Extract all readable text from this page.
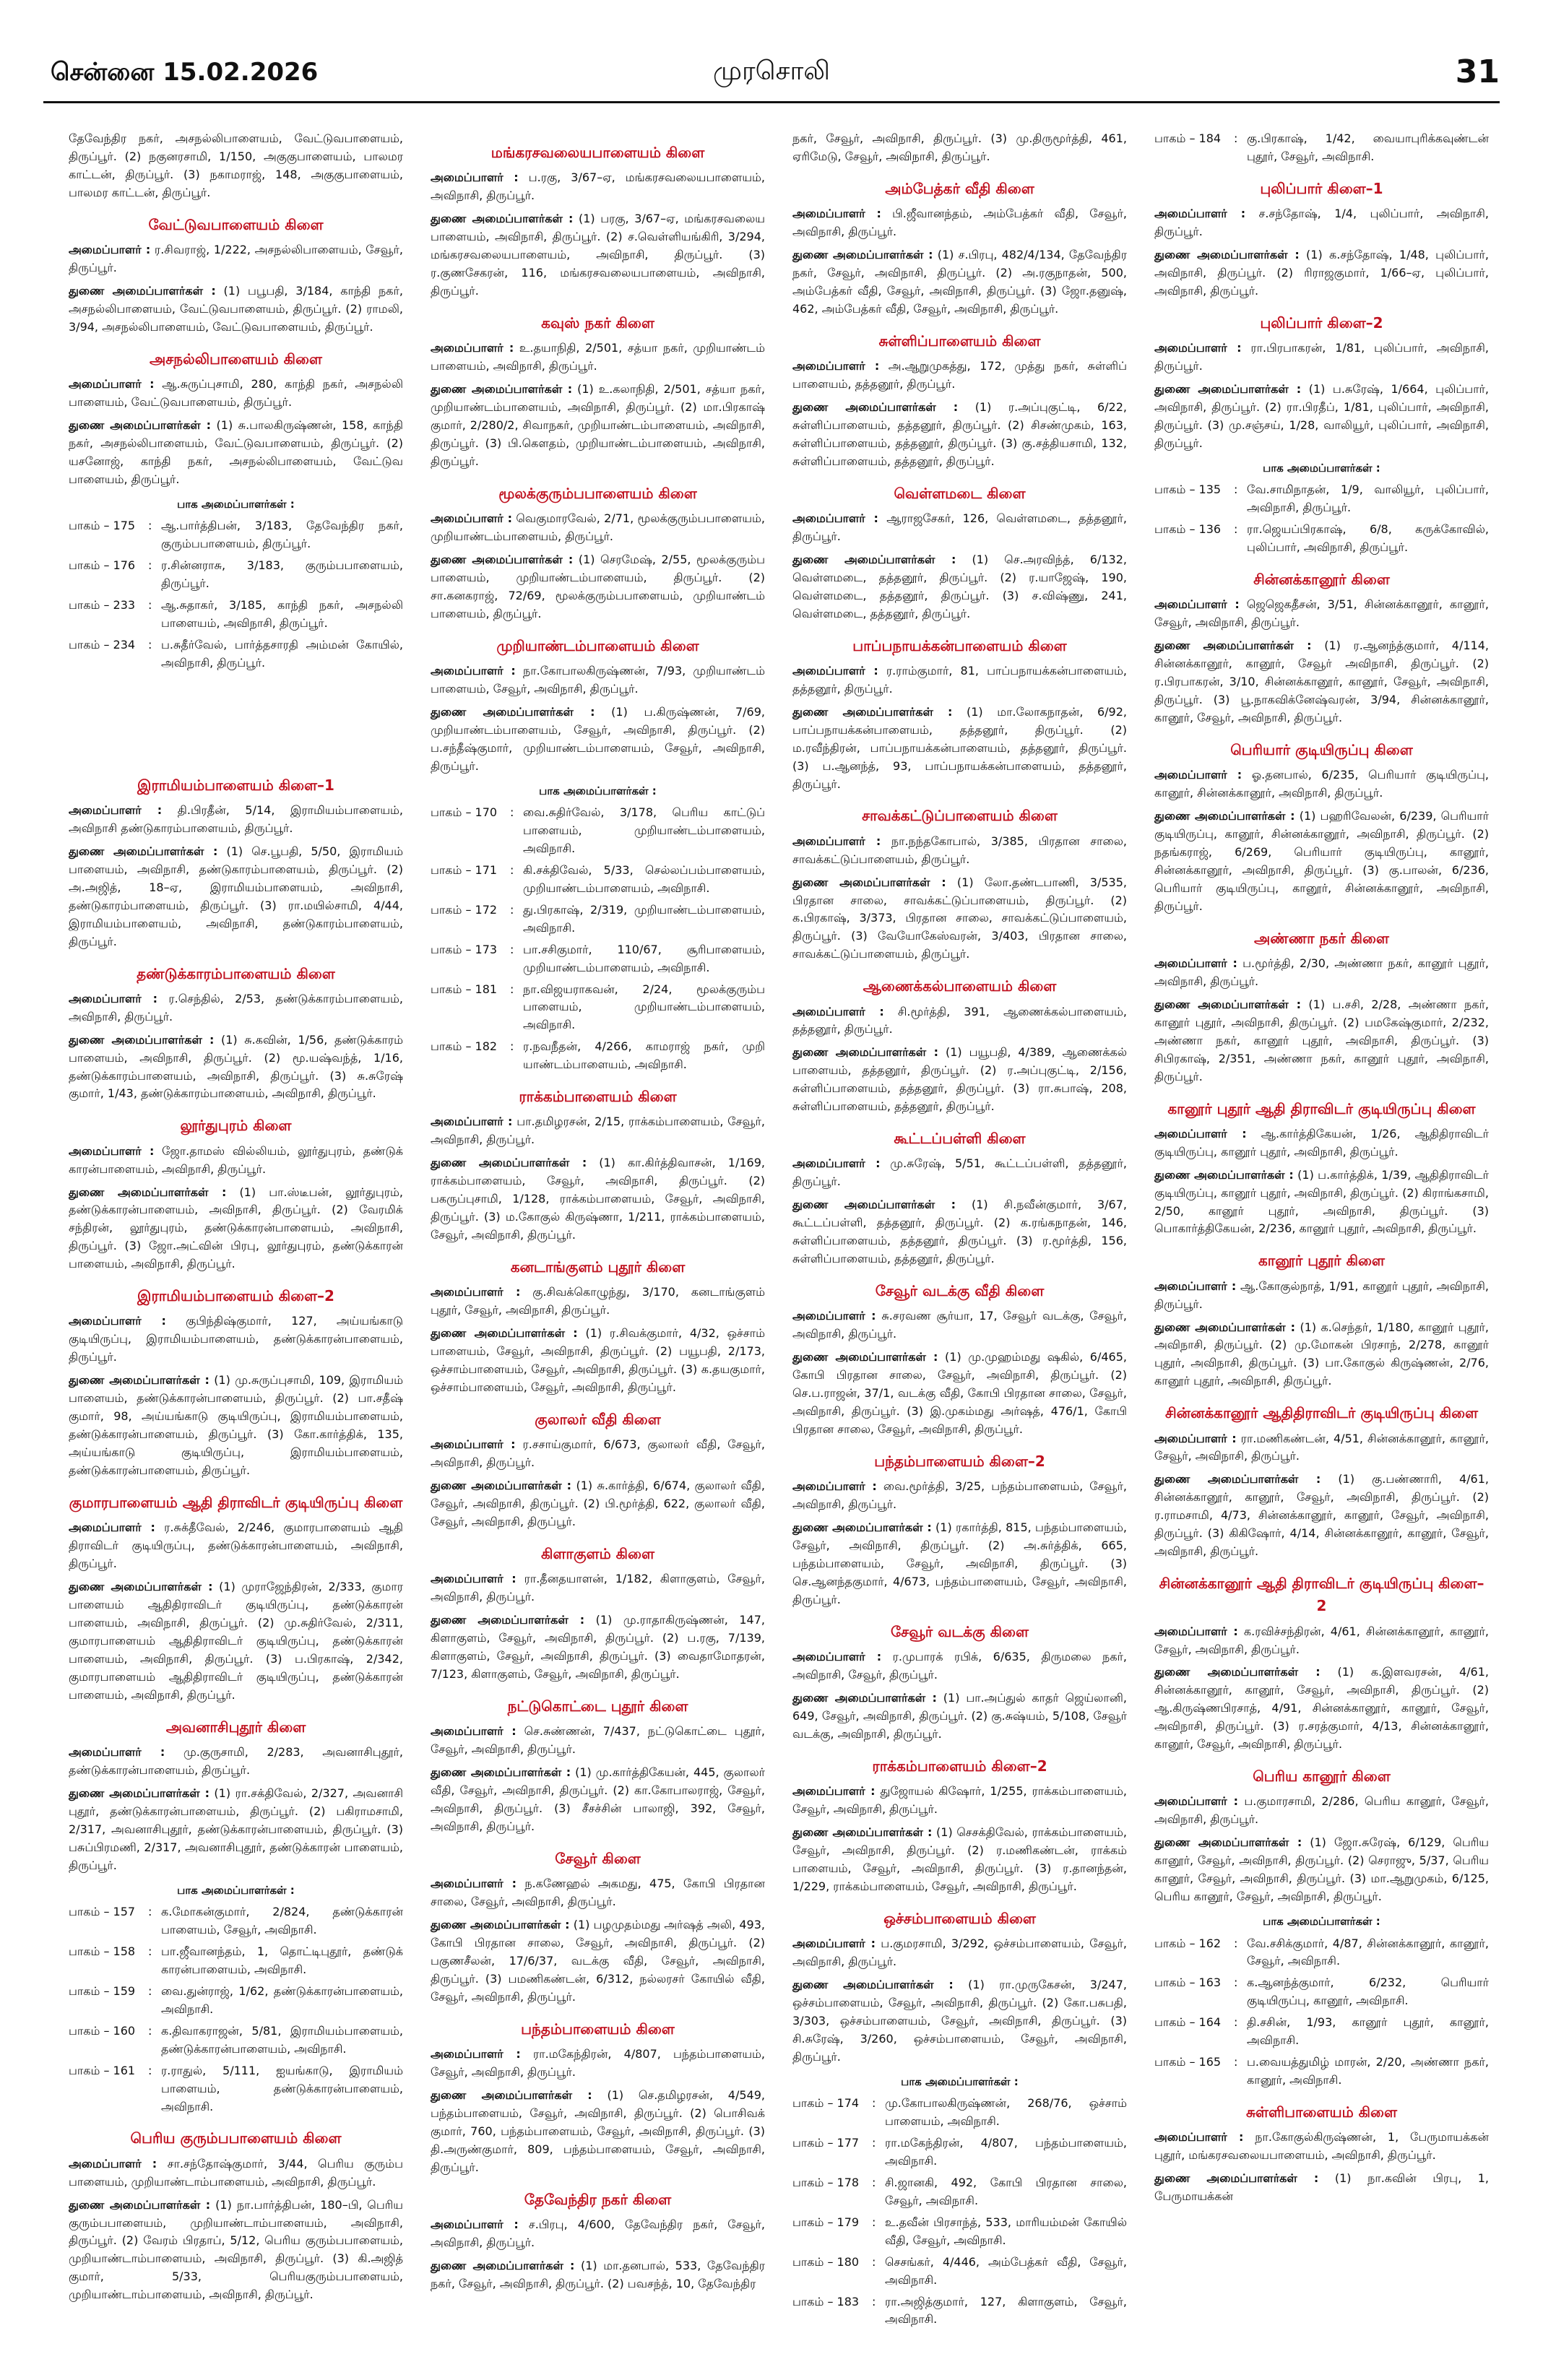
சென்னை 15.02.2026	முரசொலி	31

தேவேந்திர நகர், அசநல்லிபாளையம், வேட்டுவபாளையம், திருப்பூர். (2) நகுனரசாமி, 1/150, அகுகுபாளையம், பாலமர காட்டன், திருப்பூர். (3) நகாமராஜ், 148, அகுகுபாளையம், பாலமர காட்டன், திருப்பூர்.

வேட்டுவபாளையம் கிளை

அமைப்பாளர் : ர.சிவராஜ், 1/222, அசநல்லிபாளையம், சேவூர், திருப்பூர்.

துணை அமைப்பாளர்கள் : (1) பபூபதி, 3/184, காந்தி நகர், அசநல்லிபாளையம், வேட்டுவபாளையம், திருப்பூர். (2) ராமலி, 3/94, அசநல்லிபாளையம், வேட்டுவபாளையம், திருப்பூர்.

அசநல்லிபாளையம் கிளை

அமைப்பாளர் : ஆ.சுருப்புசாமி, 280, காந்தி நகர், அசநல்லி பாளையம், வேட்டுவபாளையம், திருப்பூர்.

துணை அமைப்பாளர்கள் : (1) சு.பாலகிருஷ்ணன், 158, காந்தி நகர், அசநல்லிபாளையம், வேட்டுவபாளையம், திருப்பூர். (2) யசனோஜ், காந்தி நகர், அசநல்லிபாளையம், வேட்டுவ பாளையம், திருப்பூர்.

பாக அமைப்பாளர்கள் :
பாகம் – 175	: ஆ.பார்த்திபன், 3/183, தேவேந்திர நகர், குரும்பபாளையம், திருப்பூர்.
பாகம் – 176	: ர.சின்னராசு, 3/183, குரும்பபாளையம், திருப்பூர்.
பாகம் – 233	: ஆ.சுதாகர், 3/185, காந்தி நகர், அசநல்லி பாளையம், அவிநாசி, திருப்பூர்.
பாகம் – 234	: ப.சுதீர்வேல், பார்த்தசாரதி அம்மன் கோயில், அவிநாசி, திருப்பூர்.
இராமியம்பாளையம் கிளை–1

அமைப்பாளர் : தி.பிரதீன், 5/14, இராமியம்பாளையம், அவிநாசி தண்டுகாரம்பாளையம், திருப்பூர்.

துணை அமைப்பாளர்கள் : (1) செ.பூபதி, 5/50, இராமியம் பாளையம், அவிநாசி, தண்டுகாரம்பாளையம், திருப்பூர். (2) அ.அஜித், 18–ஏ, இராமியம்பாளையம், அவிநாசி, தண்டுகாரம்பாளையம், திருப்பூர். (3) ரா.மயில்சாமி, 4/44, இராமியம்பாளையம், அவிநாசி, தண்டுகாரம்பாளையம், திருப்பூர்.

தண்டுக்காரம்பாளையம் கிளை

அமைப்பாளர் : ர.செந்தில், 2/53, தண்டுக்காரம்பாளையம், அவிநாசி, திருப்பூர்.

துணை அமைப்பாளர்கள் : (1) சு.கவின், 1/56, தண்டுக்காரம் பாளையம், அவிநாசி, திருப்பூர். (2) மூ.யஷ்வந்த், 1/16, தண்டுக்காரம்பாளையம், அவிநாசி, திருப்பூர். (3) சு.சுரேஷ் குமார், 1/43, தண்டுக்காரம்பாளையம், அவிநாசி, திருப்பூர்.

லூர்துபுரம் கிளை

அமைப்பாளர் : ஜோ.தாமஸ் வில்லியம், லூர்துபுரம், தண்டுக் காரன்பாளையம், அவிநாசி, திருப்பூர்.

துணை அமைப்பாளர்கள் : (1) பா.ஸ்டீபன், லூர்துபுரம், தண்டுக்காரன்பாளையம், அவிநாசி, திருப்பூர். (2) வேரமிக் சந்திரன், லூர்துபுரம், தண்டுக்காரன்பாளையம், அவிநாசி, திருப்பூர். (3) ஜோ.அட்வின் பிரபு, லூர்துபுரம், தண்டுக்காரன் பாளையம், அவிநாசி, திருப்பூர்.

இராமியம்பாளையம் கிளை–2

அமைப்பாளர் : குபிந்திஷ்குமார், 127, அய்யங்காடு குடியிருப்பு, இராமியம்பாளையம், தண்டுக்காரன்பாளையம், திருப்பூர்.

துணை அமைப்பாளர்கள் : (1) மு.சுருப்புசாமி, 109, இராமியம் பாளையம், தண்டுக்காரன்பாளையம், திருப்பூர். (2) பா.சதீஷ் குமார், 98, அய்யங்காடு குடியிருப்பு, இராமியம்பாளையம், தண்டுக்காரன்பாளையம், திருப்பூர். (3) கோ.கார்த்திக், 135, அய்யங்காடு குடியிருப்பு, இராமியம்பாளையம், தண்டுக்காரன்பாளையம், திருப்பூர்.

குமாரபாளையம் ஆதி திராவிடர் குடியிருப்பு கிளை

அமைப்பாளர் : ர.சுக்தீவேல், 2/246, குமாரபாளையம் ஆதி திராவிடர் குடியிருப்பு, தண்டுக்காரன்பாளையம், அவிநாசி, திருப்பூர்.

துணை அமைப்பாளர்கள் : (1) முராஜேந்திரன், 2/333, குமார பாளையம் ஆதிதிராவிடர் குடியிருப்பு, தண்டுக்காரன் பாளையம், அவிநாசி, திருப்பூர். (2) மு.சுதிர்வேல், 2/311, குமாரபாளையம் ஆதிதிராவிடர் குடியிருப்பு, தண்டுக்காரன் பாளையம், அவிநாசி, திருப்பூர். (3) ப.பிரகாஷ், 2/342, குமாரபாளையம் ஆதிதிராவிடர் குடியிருப்பு, தண்டுக்காரன் பாளையம், அவிநாசி, திருப்பூர்.

அவனாசிபுதூர் கிளை

அமைப்பாளர் : மு.குருசாமி, 2/283, அவனாசிபுதூர், தண்டுக்காரன்பாளையம், திருப்பூர்.

துணை அமைப்பாளர்கள் : (1) ரா.சக்திவேல், 2/327, அவனாசி புதூர், தண்டுக்காரன்பாளையம், திருப்பூர். (2) பகிராமசாமி, 2/317, அவனாசிபுதூர், தண்டுக்காரன்பாளையம், திருப்பூர். (3) பசுப்பிரமணி, 2/317, அவனாசிபுதூர், தண்டுக்காரன் பாளையம், திருப்பூர்.

பாக அமைப்பாளர்கள் :
பாகம் – 157	: க.மோகன்குமார், 2/824, தண்டுக்காரன் பாளையம், சேவூர், அவிநாசி.
பாகம் – 158	: பா.ஜீவானந்தம், 1, தொட்டிபுதூர், தண்டுக் காரன்பாளையம், அவிநாசி.
பாகம் – 159	: வை.துன்ராஜ், 1/62, தண்டுக்காரன்பாளையம், அவிநாசி.
பாகம் – 160	: க.திவாகராஜன், 5/81, இராமியம்பாளையம், தண்டுக்காரன்பாளையம், அவிநாசி.
பாகம் – 161	: ர.ராதுல், 5/111, ஐயங்காடு, இராமியம் பாளையம், தண்டுக்காரன்பாளையம், அவிநாசி.
பெரிய குரும்பபாளையம் கிளை

அமைப்பாளர் : சா.சந்தோஷ்குமார், 3/44, பெரிய குரும்ப பாளையம், முறியாண்டாம்பாளையம், அவிநாசி, திருப்பூர்.

துணை அமைப்பாளர்கள் : (1) நா.பார்த்திபன், 180–பி, பெரிய குரும்பபாளையம், முறியாண்டாம்பாளையம், அவிநாசி, திருப்பூர். (2) வேரம் பிரதாப், 5/12, பெரிய குரும்பபாளையம், முறியாண்டாம்பாளையம், அவிநாசி, திருப்பூர். (3) கி.அஜித் குமார், 5/33, பெரியகுரும்பபாளையம், முறியாண்டாம்பாளையம், அவிநாசி, திருப்பூர்.

மங்கரசவலையபாளையம் கிளை

அமைப்பாளர் : ப.ரகு, 3/67–ஏ, மங்கரசவலையபாளையம், அவிநாசி, திருப்பூர்.

துணை அமைப்பாளர்கள் : (1) பரகு, 3/67–ஏ, மங்கரசவலைய பாளையம், அவிநாசி, திருப்பூர். (2) ச.வெள்ளியங்கிரி, 3/294, மங்கரசவலையபாளையம், அவிநாசி, திருப்பூர். (3) ர.குணசேகரன், 116, மங்கரசவலையபாளையம், அவிநாசி, திருப்பூர்.

கவுஸ் நகர் கிளை

அமைப்பாளர் : உ.தயாநிதி, 2/501, சத்யா நகர், முறியாண்டம் பாளையம், அவிநாசி, திருப்பூர்.

துணை அமைப்பாளர்கள் : (1) உ.கலாநிதி, 2/501, சத்யா நகர், முறியாண்டம்பாளையம், அவிநாசி, திருப்பூர். (2) மா.பிரகாஷ் குமார், 2/280/2, சிவாநகர், முறியாண்டம்பாளையம், அவிநாசி, திருப்பூர். (3) பி.கௌதம், முறியாண்டம்பாளையம், அவிநாசி, திருப்பூர்.

மூலக்குரும்பபாளையம் கிளை

அமைப்பாளர் : வெகுமாரவேல், 2/71, மூலக்குரும்பபாளையம், முறியாண்டம்பாளையம், திருப்பூர்.

துணை அமைப்பாளர்கள் : (1) செரமேஷ், 2/55, மூலக்குரும்ப பாளையம், முறியாண்டம்பாளையம், திருப்பூர். (2) சா.கனகராஜ், 72/69, மூலக்குரும்பபாளையம், முறியாண்டம் பாளையம், திருப்பூர்.

முறியாண்டம்பாளையம் கிளை

அமைப்பாளர் : நா.கோபாலகிருஷ்ணன், 7/93, முறியாண்டம் பாளையம், சேவூர், அவிநாசி, திருப்பூர்.

துணை அமைப்பாளர்கள் : (1) ப.கிருஷ்ணன், 7/69, முறியாண்டம்பாளையம், சேவூர், அவிநாசி, திருப்பூர். (2) ப.சந்தீஷ்குமார், முறியாண்டம்பாளையம், சேவூர், அவிநாசி, திருப்பூர்.

பாக அமைப்பாளர்கள் :
பாகம் – 170	: வை.சுதிர்வேல், 3/178, பெரிய காட்டுப் பாளையம், முறியாண்டம்பாளையம், அவிநாசி.
பாகம் – 171	: கி.சக்திவேல், 5/33, செல்லப்பம்பாளையம், முறியாண்டம்பாளையம், அவிநாசி.
பாகம் – 172	: து.பிரகாஷ், 2/319, முறியாண்டம்பாளையம், அவிநாசி.
பாகம் – 173	: பா.சசிகுமார், 110/67, சூரிபாளையம், முறியாண்டம்பாளையம், அவிநாசி.
பாகம் – 181	: நா.விஜயராகவன், 2/24, மூலக்குரும்ப பாளையம், முறியாண்டம்பாளையம், அவிநாசி.
பாகம் – 182	: ர.நவநீதன், 4/266, காமராஜ் நகர், முறி யாண்டம்பாளையம், அவிநாசி.
ராக்கம்பாளையம் கிளை

அமைப்பாளர் : பா.தமிழரசன், 2/15, ராக்கம்பாளையம், சேவூர், அவிநாசி, திருப்பூர்.

துணை அமைப்பாளர்கள் : (1) கா.கிர்த்திவாசன், 1/169, ராக்கம்பாளையம், சேவூர், அவிநாசி, திருப்பூர். (2) பகருப்புசாமி, 1/128, ராக்கம்பாளையம், சேவூர், அவிநாசி, திருப்பூர். (3) ம.கோகுல் கிருஷ்ணா, 1/211, ராக்கம்பாளையம், சேவூர், அவிநாசி, திருப்பூர்.

கனடாங்குளம் புதூர் கிளை

அமைப்பாளர் : கு.சிவக்கொழுந்து, 3/170, கனடாங்குளம் புதூர், சேவூர், அவிநாசி, திருப்பூர்.

துணை அமைப்பாளர்கள் : (1) ர.சிவக்குமார், 4/32, ஒச்சாம் பாளையம், சேவூர், அவிநாசி, திருப்பூர். (2) பயூபதி, 2/173, ஒச்சாம்பாளையம், சேவூர், அவிநாசி, திருப்பூர். (3) க.தயகுமார், ஒச்சாம்பாளையம், சேவூர், அவிநாசி, திருப்பூர்.

குலாலர் வீதி கிளை

அமைப்பாளர் : ர.சசாய்குமார், 6/673, குலாலர் வீதி, சேவூர், அவிநாசி, திருப்பூர்.

துணை அமைப்பாளர்கள் : (1) சு.கார்த்தி, 6/674, குலாலர் வீதி, சேவூர், அவிநாசி, திருப்பூர். (2) பி.மூர்த்தி, 622, குலாலர் வீதி, சேவூர், அவிநாசி, திருப்பூர்.

கிளாகுளம் கிளை

அமைப்பாளர் : ரா.தீனதயாளன், 1/182, கிளாகுளம், சேவூர், அவிநாசி, திருப்பூர்.

துணை அமைப்பாளர்கள் : (1) மு.ராதாகிருஷ்ணன், 147, கிளாகுளம், சேவூர், அவிநாசி, திருப்பூர். (2) ப.ரகு, 7/139, கிளாகுளம், சேவூர், அவிநாசி, திருப்பூர். (3) வைதாமோதரன், 7/123, கிளாகுளம், சேவூர், அவிநாசி, திருப்பூர்.

நட்டுகொட்டை புதூர் கிளை

அமைப்பாளர் : செ.சுண்ணன், 7/437, நட்டுகொட்டை புதூர், சேவூர், அவிநாசி, திருப்பூர்.

துணை அமைப்பாளர்கள் : (1) மு.கார்த்திகேயன், 445, குலாலர் வீதி, சேவூர், அவிநாசி, திருப்பூர். (2) கா.கோபாலராஜ், சேவூர், அவிநாசி, திருப்பூர். (3) சீசச்சின் பாலாஜி, 392, சேவூர், அவிநாசி, திருப்பூர்.

சேவூர் கிளை

அமைப்பாளர் : ந.கணேஹல் அகமது, 475, கோபி பிரதான சாலை, சேவூர், அவிநாசி, திருப்பூர்.

துணை அமைப்பாளர்கள் : (1) பழமுதம்மது அர்ஷத் அலி, 493, கோபி பிரதான சாலை, சேவூர், அவிநாசி, திருப்பூர். (2) பகுணசீலன், 17/6/37, வடக்கு வீதி, சேவூர், அவிநாசி, திருப்பூர். (3) பமணிகண்டன், 6/312, நல்லரசர் கோயில் வீதி, சேவூர், அவிநாசி, திருப்பூர்.

பந்தம்பாளையம் கிளை

அமைப்பாளர் : ரா.மகேந்திரன், 4/807, பந்தம்பாளையம், சேவூர், அவிநாசி, திருப்பூர்.

துணை அமைப்பாளர்கள் : (1) செ.தமிழரசன், 4/549, பந்தம்பாளையம், சேவூர், அவிநாசி, திருப்பூர். (2) பொசிவக் குமார், 760, பந்தம்பாளையம், சேவூர், அவிநாசி, திருப்பூர். (3) தி.அருண்குமார், 809, பந்தம்பாளையம், சேவூர், அவிநாசி, திருப்பூர்.

தேவேந்திர நகர் கிளை

அமைப்பாளர் : ச.பிரபு, 4/600, தேவேந்திர நகர், சேவூர், அவிநாசி, திருப்பூர்.

துணை அமைப்பாளர்கள் : (1) மா.தனபால், 533, தேவேந்திர நகர், சேவூர், அவிநாசி, திருப்பூர். (2) பவசந்த், 10, தேவேந்திர

நகர், சேவூர், அவிநாசி, திருப்பூர். (3) மு.திருமூர்த்தி, 461, ஏரிமேடு, சேவூர், அவிநாசி, திருப்பூர்.

அம்பேத்கர் வீதி கிளை

அமைப்பாளர் : பி.ஜீவானந்தம், அம்பேத்கர் வீதி, சேவூர், அவிநாசி, திருப்பூர்.

துணை அமைப்பாளர்கள் : (1) ச.பிரபு, 482/4/134, தேவேந்திர நகர், சேவூர், அவிநாசி, திருப்பூர். (2) அ.ரகுநாதன், 500, அம்பேத்கர் வீதி, சேவூர், அவிநாசி, திருப்பூர். (3) ஜோ.தனுஷ், 462, அம்பேத்கர் வீதி, சேவூர், அவிநாசி, திருப்பூர்.

சுள்ளிப்பாளையம் கிளை

அமைப்பாளர் : அ.ஆறுமுகத்து, 172, முத்து நகர், சுள்ளிப் பாளையம், தத்தனூர், திருப்பூர்.

துணை அமைப்பாளர்கள் : (1) ர.அப்புகுட்டி, 6/22, சுள்ளிப்பாளையம், தத்தனூர், திருப்பூர். (2) சிசண்முகம், 163, சுள்ளிப்பாளையம், தத்தனூர், திருப்பூர். (3) கு.சத்தியசாமி, 132, சுள்ளிப்பாளையம், தத்தனூர், திருப்பூர்.

வெள்ளமடை கிளை

அமைப்பாளர் : ஆராஜசேகர், 126, வெள்ளமடை, தத்தனூர், திருப்பூர்.

துணை அமைப்பாளர்கள் : (1) செ.அரவிந்த், 6/132, வெள்ளமடை, தத்தனூர், திருப்பூர். (2) ர.யாஜேஷ், 190, வெள்ளமடை, தத்தனூர், திருப்பூர். (3) ச.விஷ்ணு, 241, வெள்ளமடை, தத்தனூர், திருப்பூர்.

பாப்பநாயக்கன்பாளையம் கிளை

அமைப்பாளர் : ர.ராம்குமார், 81, பாப்பநாயக்கன்பாளையம், தத்தனூர், திருப்பூர்.

துணை அமைப்பாளர்கள் : (1) மா.லோகநாதன், 6/92, பாப்பநாயக்கன்பாளையம், தத்தனூர், திருப்பூர். (2) ம.ரவீந்திரன், பாப்பநாயக்கன்பாளையம், தத்தனூர், திருப்பூர். (3) ப.ஆனந்த், 93, பாப்பநாயக்கன்பாளையம், தத்தனூர், திருப்பூர்.

சாவக்கட்டுப்பாளையம் கிளை

அமைப்பாளர் : நா.நந்தகோபால், 3/385, பிரதான சாலை, சாவக்கட்டுப்பாளையம், திருப்பூர்.

துணை அமைப்பாளர்கள் : (1) லோ.தண்டபாணி, 3/535, பிரதான சாலை, சாவக்கட்டுப்பாளையம், திருப்பூர். (2) க.பிரகாஷ், 3/373, பிரதான சாலை, சாவக்கட்டுப்பாளையம், திருப்பூர். (3) வேயோகேஸ்வரன், 3/403, பிரதான சாலை, சாவக்கட்டுப்பாளையம், திருப்பூர்.

ஆணைக்கல்பாளையம் கிளை

அமைப்பாளர் : சி.மூர்த்தி, 391, ஆணைக்கல்பாளையம், தத்தனூர், திருப்பூர்.

துணை அமைப்பாளர்கள் : (1) பயூபதி, 4/389, ஆணைக்கல் பாளையம், தத்தனூர், திருப்பூர். (2) ர.அப்புகுட்டி, 2/156, சுள்ளிப்பாளையம், தத்தனூர், திருப்பூர். (3) ரா.சுபாஷ், 208, சுள்ளிப்பாளையம், தத்தனூர், திருப்பூர்.

கூட்டப்பள்ளி கிளை

அமைப்பாளர் : மு.சுரேஷ், 5/51, கூட்டப்பள்ளி, தத்தனூர், திருப்பூர்.

துணை அமைப்பாளர்கள் : (1) சி.நவீன்குமார், 3/67, கூட்டப்பள்ளி, தத்தனூர், திருப்பூர். (2) க.ரங்கநாதன், 146, சுள்ளிப்பாளையம், தத்தனூர், திருப்பூர். (3) ர.மூர்த்தி, 156, சுள்ளிப்பாளையம், தத்தனூர், திருப்பூர்.

சேவூர் வடக்கு வீதி கிளை

அமைப்பாளர் : சு.சரவண சூர்யா, 17, சேவூர் வடக்கு, சேவூர், அவிநாசி, திருப்பூர்.

துணை அமைப்பாளர்கள் : (1) மு.முஹம்மது ஷகில், 6/465, கோபி பிரதான சாலை, சேவூர், அவிநாசி, திருப்பூர். (2) செ.ப.ராஜன், 37/1, வடக்கு வீதி, கோபி பிரதான சாலை, சேவூர், அவிநாசி, திருப்பூர். (3) இ.முகம்மது அர்ஷத், 476/1, கோபி பிரதான சாலை, சேவூர், அவிநாசி, திருப்பூர்.

பந்தம்பாளையம் கிளை–2

அமைப்பாளர் : வை.மூர்த்தி, 3/25, பந்தம்பாளையம், சேவூர், அவிநாசி, திருப்பூர்.

துணை அமைப்பாளர்கள் : (1) ரகார்த்தி, 815, பந்தம்பாளையம், சேவூர், அவிநாசி, திருப்பூர். (2) அ.சுர்த்திக், 665, பந்தம்பாளையம், சேவூர், அவிநாசி, திருப்பூர். (3) செ.ஆனந்தகுமார், 4/673, பந்தம்பாளையம், சேவூர், அவிநாசி, திருப்பூர்.

சேவூர் வடக்கு கிளை

அமைப்பாளர் : ர.முபாரக் ரபிக், 6/635, திருமலை நகர், அவிநாசி, சேவூர், திருப்பூர்.

துணை அமைப்பாளர்கள் : (1) பா.அப்துல் காதர் ஜெய்லானி, 649, சேவூர், அவிநாசி, திருப்பூர். (2) கு.சுஷ்யம், 5/108, சேவூர் வடக்கு, அவிநாசி, திருப்பூர்.

ராக்கம்பாளையம் கிளை–2

அமைப்பாளர் : துஜோயல் கிஷோர், 1/255, ராக்கம்பாளையம், சேவூர், அவிநாசி, திருப்பூர்.

துணை அமைப்பாளர்கள் : (1) செசக்திவேல், ராக்கம்பாளையம், சேவூர், அவிநாசி, திருப்பூர். (2) ர.மணிகண்டன், ராக்கம் பாளையம், சேவூர், அவிநாசி, திருப்பூர். (3) ர.தானந்தன், 1/229, ராக்கம்பாளையம், சேவூர், அவிநாசி, திருப்பூர்.

ஒச்சம்பாளையம் கிளை

அமைப்பாளர் : ப.குமரசாமி, 3/292, ஒச்சம்பாளையம், சேவூர், அவிநாசி, திருப்பூர்.

துணை அமைப்பாளர்கள் : (1) ரா.முருகேசன், 3/247, ஒச்சம்பாளையம், சேவூர், அவிநாசி, திருப்பூர். (2) கோ.பசுபதி, 3/303, ஒச்சம்பாளையம், சேவூர், அவிநாசி, திருப்பூர். (3) சி.சுரேஷ், 3/260, ஒச்சம்பாளையம், சேவூர், அவிநாசி, திருப்பூர்.

பாக அமைப்பாளர்கள் :
பாகம் – 174	: மு.கோபாலகிருஷ்ணன், 268/76, ஒச்சாம் பாளையம், அவிநாசி.
பாகம் – 177	: ரா.மகேந்திரன், 4/807, பந்தம்பாளையம், அவிநாசி.
பாகம் – 178	: சி.ஜானகி, 492, கோபி பிரதான சாலை, சேவூர், அவிநாசி.
பாகம் – 179	: உ.தவீன் பிரசாந்த், 533, மாரியம்மன் கோயில் வீதி, சேவூர், அவிநாசி.
பாகம் – 180	: செசங்கர், 4/446, அம்பேத்கர் வீதி, சேவூர், அவிநாசி.
பாகம் – 183	: ரா.அஜித்குமார், 127, கிளாகுளம், சேவூர், அவிநாசி.
பாகம் – 184	: கு.பிரகாஷ், 1/42, வையாபுரிக்கவுண்டன் புதூர், சேவூர், அவிநாசி.
புலிப்பார் கிளை–1

அமைப்பாளர் : ச.சந்தோஷ், 1/4, புலிப்பார், அவிநாசி, திருப்பூர்.

துணை அமைப்பாளர்கள் : (1) க.சந்தோஷ், 1/48, புலிப்பார், அவிநாசி, திருப்பூர். (2) ரிராஜகுமார், 1/66–ஏ, புலிப்பார், அவிநாசி, திருப்பூர்.

புலிப்பார் கிளை–2

அமைப்பாளர் : ரா.பிரபாகரன், 1/81, புலிப்பார், அவிநாசி, திருப்பூர்.

துணை அமைப்பாளர்கள் : (1) ப.சுரேஷ், 1/664, புலிப்பார், அவிநாசி, திருப்பூர். (2) ரா.பிரதீப், 1/81, புலிப்பார், அவிநாசி, திருப்பூர். (3) மு.சஞ்சய், 1/28, வாலியூர், புலிப்பார், அவிநாசி, திருப்பூர்.

பாக அமைப்பாளர்கள் :
பாகம் – 135	: வே.சாமிநாதன், 1/9, வாலியூர், புலிப்பார், அவிநாசி, திருப்பூர்.
பாகம் – 136	: ரா.ஜெயப்பிரகாஷ், 6/8, கருக்கோவில், புலிப்பார், அவிநாசி, திருப்பூர்.
சின்னக்கானூர் கிளை

அமைப்பாளர் : ஜெஜெகதீசன், 3/51, சின்னக்கானூர், கானூர், சேவூர், அவிநாசி, திருப்பூர்.

துணை அமைப்பாளர்கள் : (1) ர.ஆனந்த்குமார், 4/114, சின்னக்கானூர், கானூர், சேவூர் அவிநாசி, திருப்பூர். (2) ர.பிரபாகரன், 3/10, சின்னக்கானூர், கானூர், சேவூர், அவிநாசி, திருப்பூர். (3) பூ.நாகவிக்னேஷ்வரன், 3/94, சின்னக்கானூர், கானூர், சேவூர், அவிநாசி, திருப்பூர்.

பெரியார் குடியிருப்பு கிளை

அமைப்பாளர் : ஓ.தனபால், 6/235, பெரியார் குடியிருப்பு, கானூர், சின்னக்கானூர், அவிநாசி, திருப்பூர்.

துணை அமைப்பாளர்கள் : (1) பஹரிவேலன், 6/239, பெரியார் குடியிருப்பு, கானூர், சின்னக்கானூர், அவிநாசி, திருப்பூர். (2) நதங்கராஜ், 6/269, பெரியார் குடியிருப்பு, கானூர், சின்னக்கானூர், அவிநாசி, திருப்பூர். (3) கு.பாலன், 6/236, பெரியார் குடியிருப்பு, கானூர், சின்னக்கானூர், அவிநாசி, திருப்பூர்.

அண்ணா நகர் கிளை

அமைப்பாளர் : ப.மூர்த்தி, 2/30, அண்ணா நகர், கானூர் புதூர், அவிநாசி, திருப்பூர்.

துணை அமைப்பாளர்கள் : (1) ப.சசி, 2/28, அண்ணா நகர், கானூர் புதூர், அவிநாசி, திருப்பூர். (2) பமகேஷ்குமார், 2/232, அண்ணா நகர், கானூர் புதூர், அவிநாசி, திருப்பூர். (3) சிபிரகாஷ், 2/351, அண்ணா நகர், கானூர் புதூர், அவிநாசி, திருப்பூர்.

கானூர் புதூர் ஆதி திராவிடர் குடியிருப்பு கிளை

அமைப்பாளர் : ஆ.கார்த்திகேயன், 1/26, ஆதிதிராவிடர் குடியிருப்பு, கானூர் புதூர், அவிநாசி, திருப்பூர்.

துணை அமைப்பாளர்கள் : (1) ப.கார்த்திக், 1/39, ஆதிதிராவிடர் குடியிருப்பு, கானூர் புதூர், அவிநாசி, திருப்பூர். (2) கிராங்கசாமி, 2/50, கானூர் புதூர், அவிநாசி, திருப்பூர். (3) பொகார்த்திகேயன், 2/236, கானூர் புதூர், அவிநாசி, திருப்பூர்.

கானூர் புதூர் கிளை

அமைப்பாளர் : ஆ.கோகுல்நாத், 1/91, கானூர் புதூர், அவிநாசி, திருப்பூர்.

துணை அமைப்பாளர்கள் : (1) க.செந்தர், 1/180, கானூர் புதூர், அவிநாசி, திருப்பூர். (2) மு.மோகன் பிரசாந், 2/278, கானூர் புதூர், அவிநாசி, திருப்பூர். (3) பா.கோகுல் கிருஷ்ணன், 2/76, கானூர் புதூர், அவிநாசி, திருப்பூர்.

சின்னக்கானூர் ஆதிதிராவிடர் குடியிருப்பு கிளை

அமைப்பாளர் : ரா.மணிகண்டன், 4/51, சின்னக்கானூர், கானூர், சேவூர், அவிநாசி, திருப்பூர்.

துணை அமைப்பாளர்கள் : (1) கு.பண்ணாரி, 4/61, சின்னக்கானூர், கானூர், சேவூர், அவிநாசி, திருப்பூர். (2) ர.ராமசாமி, 4/73, சின்னக்கானூர், கானூர், சேவூர், அவிநாசி, திருப்பூர். (3) கிகிஷோர், 4/14, சின்னக்கானூர், கானூர், சேவூர், அவிநாசி, திருப்பூர்.

சின்னக்கானூர் ஆதி திராவிடர் குடியிருப்பு கிளை–2

அமைப்பாளர் : க.ரவிச்சந்திரன், 4/61, சின்னக்கானூர், கானூர், சேவூர், அவிநாசி, திருப்பூர்.

துணை அமைப்பாளர்கள் : (1) க.இளவரசன், 4/61, சின்னக்கானூர், கானூர், சேவூர், அவிநாசி, திருப்பூர். (2) ஆ.கிருஷ்ணபிரசாத், 4/91, சின்னக்கானூர், கானூர், சேவூர், அவிநாசி, திருப்பூர். (3) ர.சரத்குமார், 4/13, சின்னக்கானூர், கானூர், சேவூர், அவிநாசி, திருப்பூர்.

பெரிய கானூர் கிளை

அமைப்பாளர் : ப.குமாரசாமி, 2/286, பெரிய கானூர், சேவூர், அவிநாசி, திருப்பூர்.

துணை அமைப்பாளர்கள் : (1) ஜோ.சுரேஷ், 6/129, பெரிய கானூர், சேவூர், அவிநாசி, திருப்பூர். (2) செராஜு, 5/37, பெரிய கானூர், சேவூர், அவிநாசி, திருப்பூர். (3) மா.ஆறுமுகம், 6/125, பெரிய கானூர், சேவூர், அவிநாசி, திருப்பூர்.

பாக அமைப்பாளர்கள் :
பாகம் – 162	: வே.சசிக்குமார், 4/87, சின்னக்கானூர், கானூர், சேவூர், அவிநாசி.
பாகம் – 163	: க.ஆனந்த்குமார், 6/232, பெரியார் குடியிருப்பு, கானூர், அவிநாசி.
பாகம் – 164	: தி.சசின், 1/93, கானூர் புதூர், கானூர், அவிநாசி.
பாகம் – 165	: ப.வையத்துமிழ் மாரன், 2/20, அண்ணா நகர், கானூர், அவிநாசி.
சுள்ளிபாளையம் கிளை

அமைப்பாளர் : நா.கோகுல்கிருஷ்ணன், 1, பேருமாயக்கன் புதூர், மங்கரசவலையபாளையம், அவிநாசி, திருப்பூர்.

துணை அமைப்பாளர்கள் : (1) நா.கவின் பிரபு, 1, பேருமாயக்கன்
